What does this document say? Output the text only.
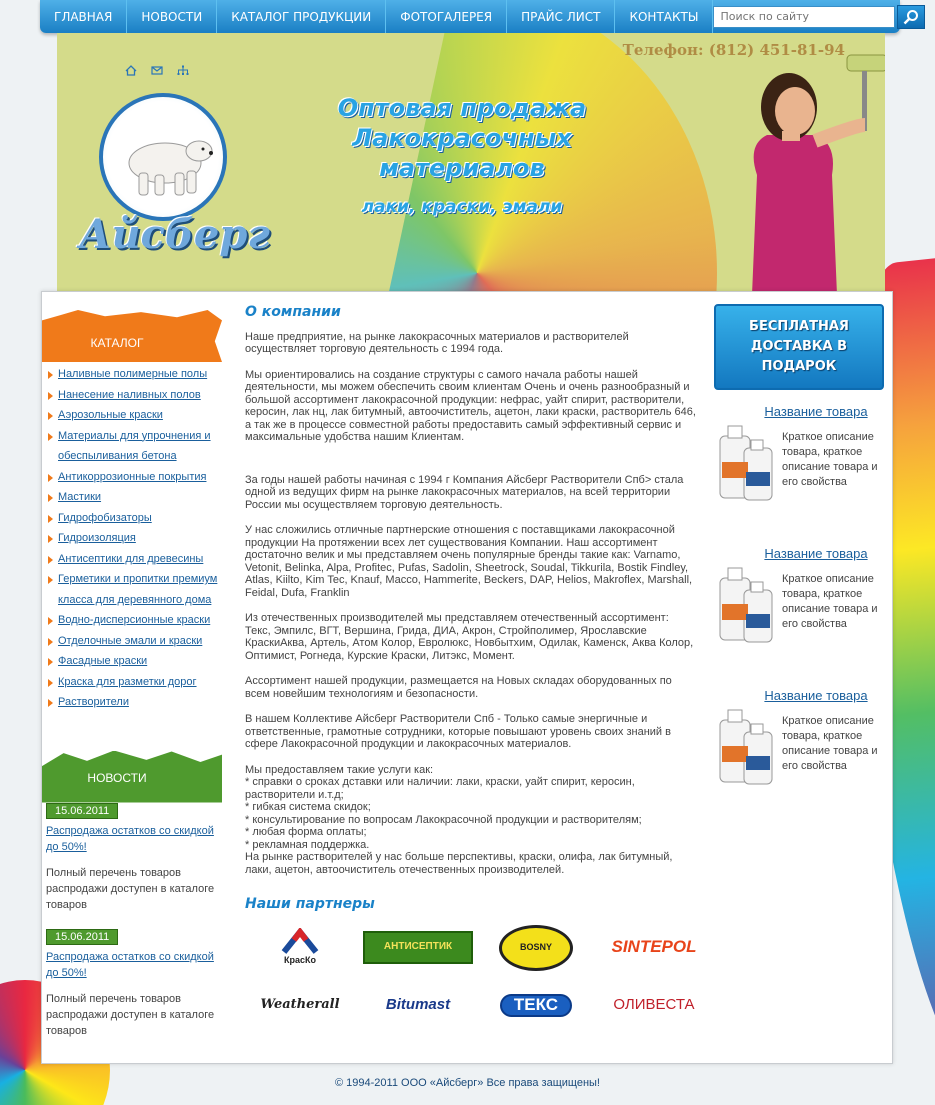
ГЛАВНАЯ	НОВОСТИ	КАТАЛОГ ПРОДУКЦИИ	ФОТОГАЛЕРЕЯ	ПРАЙС ЛИСТ	КОНТАКТЫ
Поиск по сайту
Телефон: (812) 451-81-94
Айсберг
Оптовая продажа
Лакокрасочных материалов
лаки, краски, эмали
КАТАЛОГ
Наливные полимерные полы
Нанесение наливных полов
Аэрозольные краски
Материалы для упрочнения и обеспыливания бетона
Антикоррозионные покрытия
Мастики
Гидрофобизаторы
Гидроизоляция
Антисептики для древесины
Герметики и пропитки премиум класса для деревянного дома
Водно-дисперсионные краски
Отделочные эмали и краски
Фасадные краски
Краска для разметки дорог
Растворители
НОВОСТИ
15.06.2011
Распродажа остатков со скидкой до 50%!
Полный перечень товаров распродажи доступен в каталоге товаров
15.06.2011
Распродажа остатков со скидкой до 50%!
Полный перечень товаров распродажи доступен в каталоге товаров
О компании

Наше предприятие, на рынке лакокрасочных материалов и растворителей осуществляет торговую деятельность с 1994 года.

Мы ориентировались на создание структуры с самого начала работы нашей деятельности, мы можем обеспечить своим клиентам Очень и очень разнообразный и большой ассортимент лакокрасочной продукции: нефрас, уайт спирит, растворители, керосин, лак нц, лак битумный, автоочиститель, ацетон, лаки краски, растворитель 646, а так же в процессе совместной работы предоставить самый эффективный сервис и максимальные удобства нашим Клиентам.

За годы нашей работы начиная с 1994 г Компания Айсберг Растворители Спб> стала одной из ведущих фирм на рынке лакокрасочных материалов, на всей территории России мы осуществляем торговую деятельность.

У нас сложились отличные партнерские отношения с поставщиками лакокрасочной продукции На протяжении всех лет существования Компании. Наш ассортимент достаточно велик и мы представляем очень популярные бренды такие как: Varnamo, Vetonit, Belinka, Alpa, Profitec, Pufas, Sadolin, Sheetrock, Soudal, Tikkurila, Bostik Findley, Atlas, Kiilto, Kim Tec, Knauf, Macco, Hammerite, Beckers, DAP, Helios, Makroflex, Marshall, Feidal, Dufa, Franklin

Из отечественных производителей мы представляем отечественный ассортимент: Текс, Эмпилс, ВГТ, Вершина, Грида, ДИА, Акрон, Стройполимер, Ярославские КраскиАква, Артель, Атом Колор, Евролюкс, Новбытхим, Одилак, Каменск, Аква Колор, Оптимист, Рогнеда, Курские Краски, Литэкс, Момент.

Ассортимент нашей продукции, размещается на Новых складах оборудованных по всем новейшим технологиям и безопасности.

В нашем Коллективе Айсберг Растворители Спб - Только самые энергичные и ответственные, грамотные сотрудники, которые повышают уровень своих знаний в сфере Лакокрасочной продукции и лакокрасочных материалов.

Мы предоставляем такие услуги как:
* справки о сроках дставки или наличии: лаки, краски, уайт спирит, керосин, растворители и.т.д;
* гибкая система скидок;
* консультирование по вопросам Лакокрасочной продукции и растворителям;
* любая форма оплаты;
* рекламная поддержка.
На рынке растворителей у нас больше перспективы, краски, олифа, лак битумный, лаки, ацетон, автоочиститель отечественных производителей.

Наши партнеры
КрасКо
АНТИСЕПТИК	BOSNY	SINTEPOL
Weatherall	Bitumast	ТЕКС	ОЛИВЕСТА
БЕСПЛАТНАЯ ДОСТАВКА В ПОДАРОК
Название товара
Краткое описание товара, краткое описание товара и его свойства
Название товара
Краткое описание товара, краткое описание товара и его свойства
Название товара
Краткое описание товара, краткое описание товара и его свойства
© 1994-2011 ООО «Айсберг» Все права защищены!
